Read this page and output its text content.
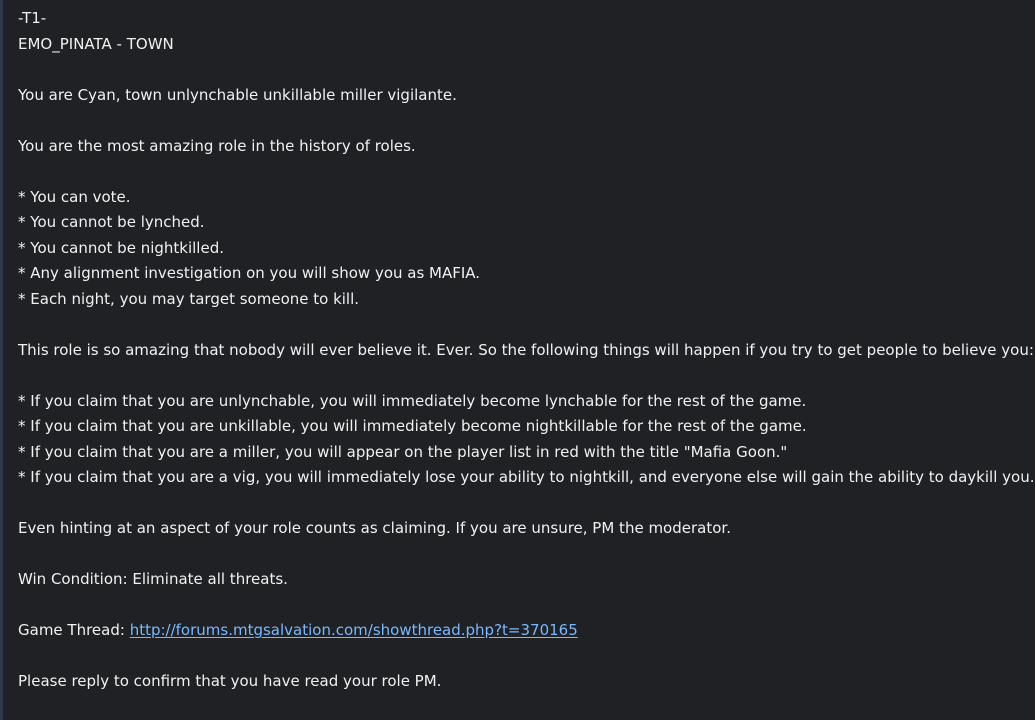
-T1-
EMO_PINATA - TOWN
You are Cyan, town unlynchable unkillable miller vigilante.
You are the most amazing role in the history of roles.
* You can vote.
* You cannot be lynched.
* You cannot be nightkilled.
* Any alignment investigation on you will show you as MAFIA.
* Each night, you may target someone to kill.
This role is so amazing that nobody will ever believe it. Ever. So the following things will happen if you try to get people to believe you:
* If you claim that you are unlynchable, you will immediately become lynchable for the rest of the game.
* If you claim that you are unkillable, you will immediately become nightkillable for the rest of the game.
* If you claim that you are a miller, you will appear on the player list in red with the title "Mafia Goon."
* If you claim that you are a vig, you will immediately lose your ability to nightkill, and everyone else will gain the ability to daykill you.
Even hinting at an aspect of your role counts as claiming. If you are unsure, PM the moderator.
Win Condition: Eliminate all threats.
Game Thread: http://forums.mtgsalvation.com/showthread.php?t=370165
Please reply to confirm that you have read your role PM.
